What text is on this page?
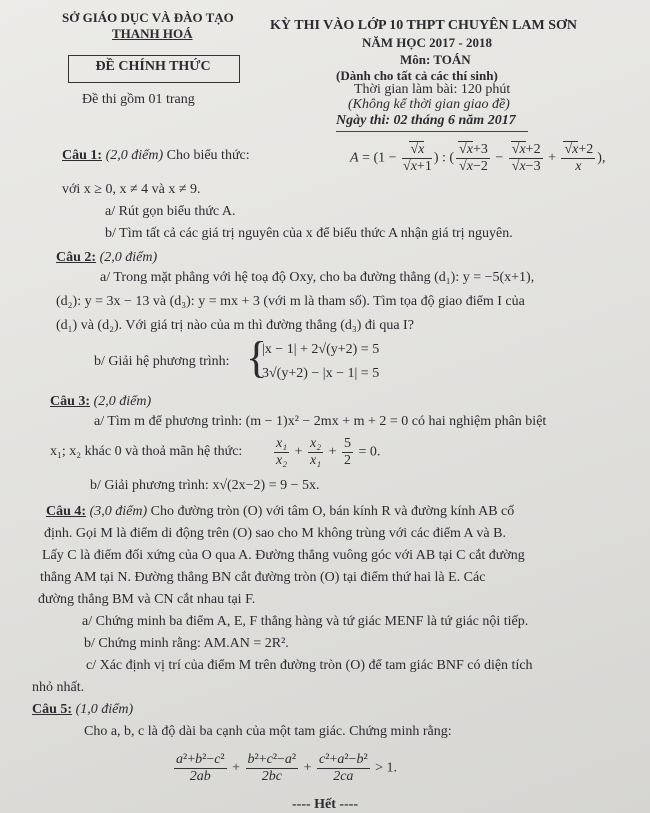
SỞ GIÁO DỤC VÀ ĐÀO TẠO
THANH HOÁ
ĐỀ CHÍNH THỨC
Đề thi gồm 01 trang
KỲ THI VÀO LỚP 10 THPT CHUYÊN LAM SƠN
NĂM HỌC 2017 - 2018
Môn: TOÁN
(Dành cho tất cả các thí sinh)
Thời gian làm bài: 120 phút
(Không kể thời gian giao đề)
Ngày thi: 02 tháng 6 năm 2017
Câu 1: (2,0 điểm) Cho biểu thức:	A = (1 − √ x
√ x+1 ) : ( √ x+3
√ x−2 − √ x+2
√ x−3 + √ $\frac{x+2}{x}$ ),
với x ≥ 0, x ≠ 4 và x ≠ 9.
a/ Rút gọn biểu thức A.
b/ Tìm tất cả các giá trị nguyên của x để biểu thức A nhận giá trị nguyên.
Câu 2: (2,0 điểm)
a/ Trong mặt phẳng với hệ toạ độ Oxy, cho ba đường thẳng (d₁): y = −5(x+1),
(d₂): y = 3x − 13 và (d₃): y = mx + 3 (với m là tham số). Tìm tọa độ giao điểm I của
(d₁) và (d₂). Với giá trị nào của m thì đường thẳng (d₃) đi qua I?
b/ Giải hệ phương trình: {
|x − 1| + 2√(y+2) = 5
3√(y+2) − |x − 1| = 5
Câu 3: (2,0 điểm)
a/ Tìm m để phương trình: (m − 1)x² − 2mx + m + 2 = 0 có hai nghiệm phân biệt
x₁; x₂ khác 0 và thoả mãn hệ thức: $\frac{\text{x₁}}{\text{x₂}} + \frac{\text{x₂}}{\text{x₁}} + \frac{5}{2} = 0$.
b/ Giải phương trình: x√(2x−2) = 9 − 5x.
Câu 4: (3,0 điểm) Cho đường tròn (O) với tâm O, bán kính R và đường kính AB cố
định. Gọi M là điểm di động trên (O) sao cho M không trùng với các điểm A và B.
Lấy C là điểm đối xứng của O qua A. Đường thẳng vuông góc với AB tại C cắt đường
thẳng AM tại N. Đường thẳng BN cắt đường tròn (O) tại điểm thứ hai là E. Các
đường thẳng BM và CN cắt nhau tại F.
a/ Chứng minh ba điểm A, E, F thẳng hàng và tứ giác MENF là tứ giác nội tiếp.
b/ Chứng minh rằng: AM.AN = 2R².
c/ Xác định vị trí của điểm M trên đường tròn (O) để tam giác BNF có diện tích
nhỏ nhất.
Câu 5: (1,0 điểm)
Cho a, b, c là độ dài ba cạnh của một tam giác. Chứng minh rằng:
$\frac{\text{a²+b²−c²}}{2ab} + \frac{\text{b²+c²−a²}}{2bc} + \frac{\text{c²+a²−b²}}{2ca} > 1$.
---- Hết ----
